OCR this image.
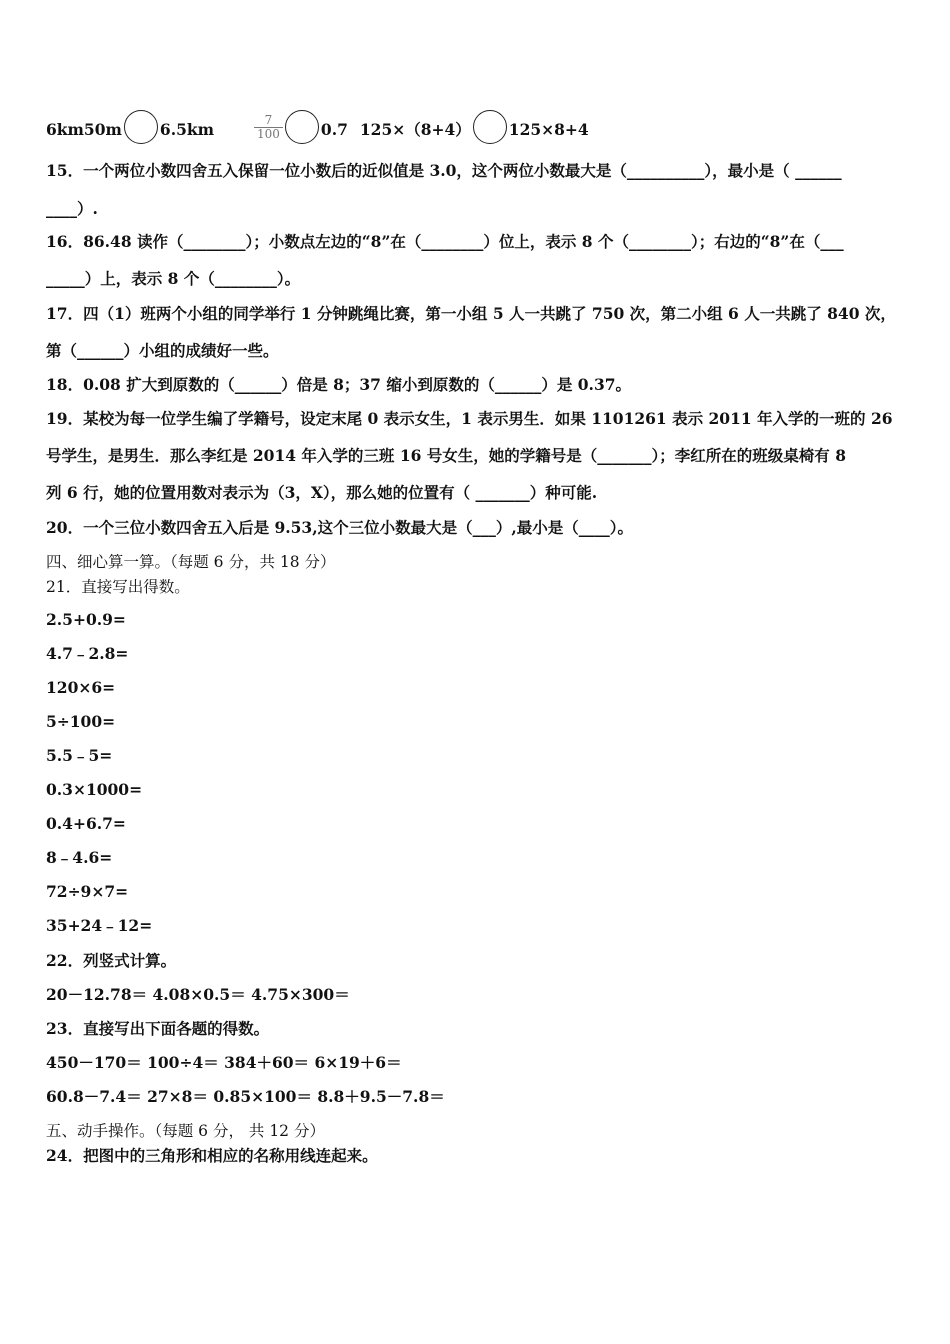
6km50m 6.5km	$\frac{7}{100} 0.7$ 125×（8+4） 125×8+4
15．一个两位小数四舍五入保留一位小数后的近似值是 3.0，这个两位小数最大是（__________），最小是（ ______
____）.
16．86.48 读作（________）；小数点左边的“8”在（________）位上，表示 8 个（________）；右边的“8”在（___
_____）上，表示 8 个（________）。
17．四（1）班两个小组的同学举行 1 分钟跳绳比赛，第一小组 5 人一共跳了 750 次，第二小组 6 人一共跳了 840 次，
第（______）小组的成绩好一些。
18．0.08 扩大到原数的（______）倍是 8；37 缩小到原数的（______）是 0.37。
19．某校为每一位学生编了学籍号，设定末尾 0 表示女生，1 表示男生．如果 1101261 表示 2011 年入学的一班的 26
号学生，是男生．那么李红是 2014 年入学的三班 16 号女生，她的学籍号是（_______）；李红所在的班级桌椅有 8
列 6 行，她的位置用数对表示为（3，X），那么她的位置有（ _______）种可能.
20．一个三位小数四舍五入后是 9.53,这个三位小数最大是（___）,最小是（____）。
四、细心算一算。（每题 6 分，共 18 分）
21．直接写出得数。
2.5+0.9=
4.7﹣2.8=
120×6=
5÷100=
5.5﹣5=
0.3×1000=
0.4+6.7=
8﹣4.6=
72÷9×7=
35+24﹣12=
22．列竖式计算。
20－12.78＝ 4.08×0.5＝ 4.75×300＝
23．直接写出下面各题的得数。
450－170＝ 100÷4＝ 384＋60＝ 6×19＋6＝
60.8－7.4＝ 27×8＝ 0.85×100＝ 8.8＋9.5－7.8＝
五、动手操作。（每题 6 分， 共 12 分）
24．把图中的三角形和相应的名称用线连起来。
